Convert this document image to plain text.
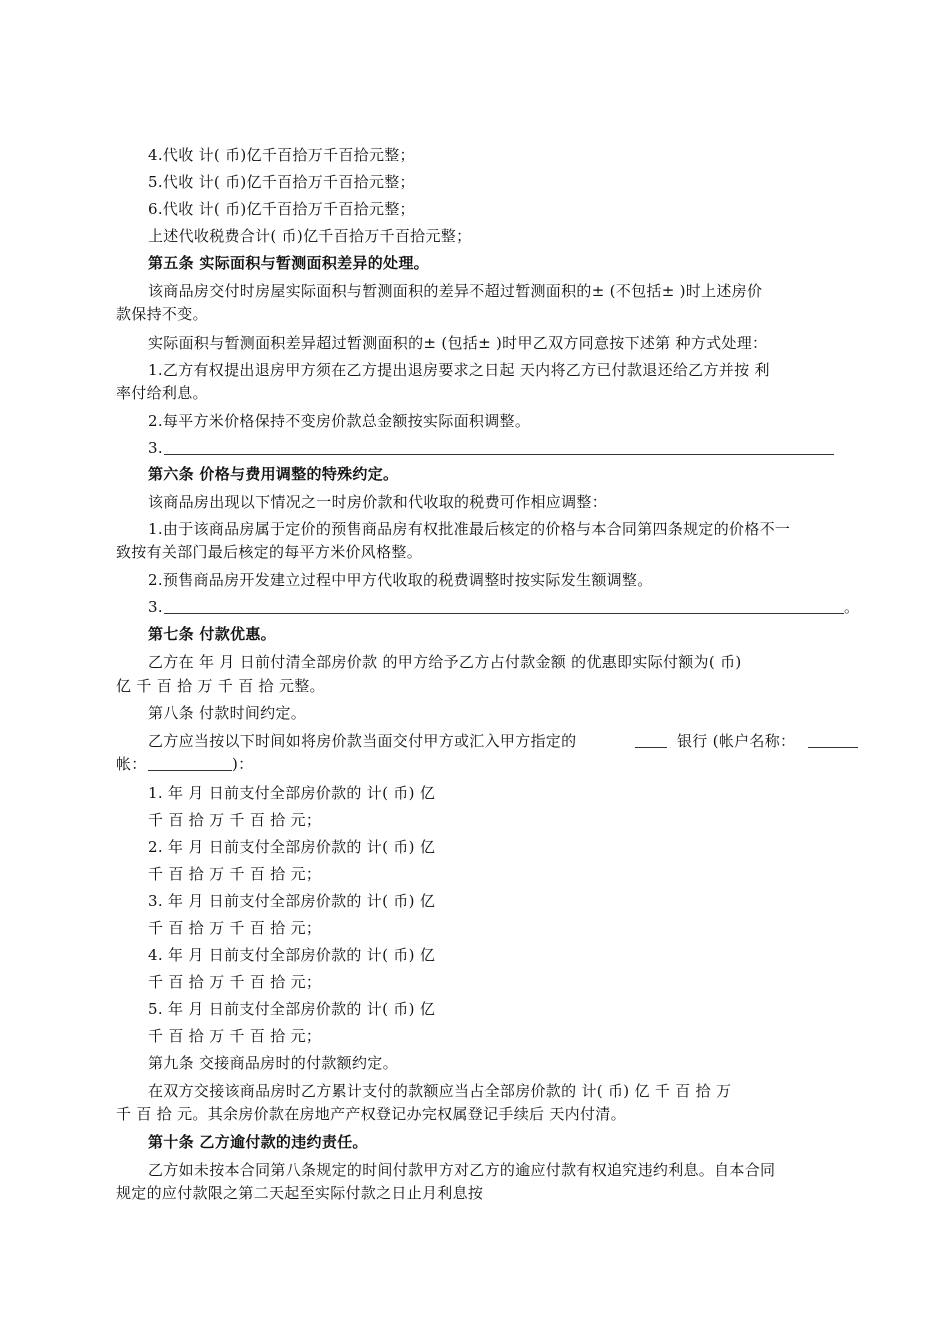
4.代收 计( 币)亿千百拾万千百拾元整；
5.代收 计( 币)亿千百拾万千百拾元整；
6.代收 计( 币)亿千百拾万千百拾元整；
上述代收税费合计( 币)亿千百拾万千百拾元整；
第五条 实际面积与暂测面积差异的处理。
该商品房交付时房屋实际面积与暂测面积的差异不超过暂测面积的± (不包括± )时上述房价
款保持不变。
实际面积与暂测面积差异超过暂测面积的± (包括± )时甲乙双方同意按下述第 种方式处理：
1.乙方有权提出退房甲方须在乙方提出退房要求之日起 天内将乙方已付款退还给乙方并按 利
率付给利息。
2.每平方米价格保持不变房价款总金额按实际面积调整。
3.
第六条 价格与费用调整的特殊约定。
该商品房出现以下情况之一时房价款和代收取的税费可作相应调整：
1.由于该商品房属于定价的预售商品房有权批准最后核定的价格与本合同第四条规定的价格不一
致按有关部门最后核定的每平方米价风格整。
2.预售商品房开发建立过程中甲方代收取的税费调整时按实际发生额调整。
3.	。
第七条 付款优惠。
乙方在 年 月 日前付清全部房价款 的甲方给予乙方占付款金额 的优惠即实际付额为( 币)
亿 千 百 拾 万 千 百 拾 元整。
第八条 付款时间约定。
乙方应当按以下时间如将房价款当面交付甲方或汇入甲方指定的	银行 (帐户名称：
帐：	)：
1. 年 月 日前支付全部房价款的 计( 币) 亿
千 百 拾 万 千 百 拾 元；
2. 年 月 日前支付全部房价款的 计( 币) 亿
千 百 拾 万 千 百 拾 元；
3. 年 月 日前支付全部房价款的 计( 币) 亿
千 百 拾 万 千 百 拾 元；
4. 年 月 日前支付全部房价款的 计( 币) 亿
千 百 拾 万 千 百 拾 元；
5. 年 月 日前支付全部房价款的 计( 币) 亿
千 百 拾 万 千 百 拾 元；
第九条 交接商品房时的付款额约定。
在双方交接该商品房时乙方累计支付的款额应当占全部房价款的 计( 币) 亿 千 百 拾 万
千 百 拾 元。其余房价款在房地产产权登记办完权属登记手续后 天内付清。
第十条 乙方逾付款的违约责任。
乙方如未按本合同第八条规定的时间付款甲方对乙方的逾应付款有权追究违约利息。自本合同
规定的应付款限之第二天起至实际付款之日止月利息按
